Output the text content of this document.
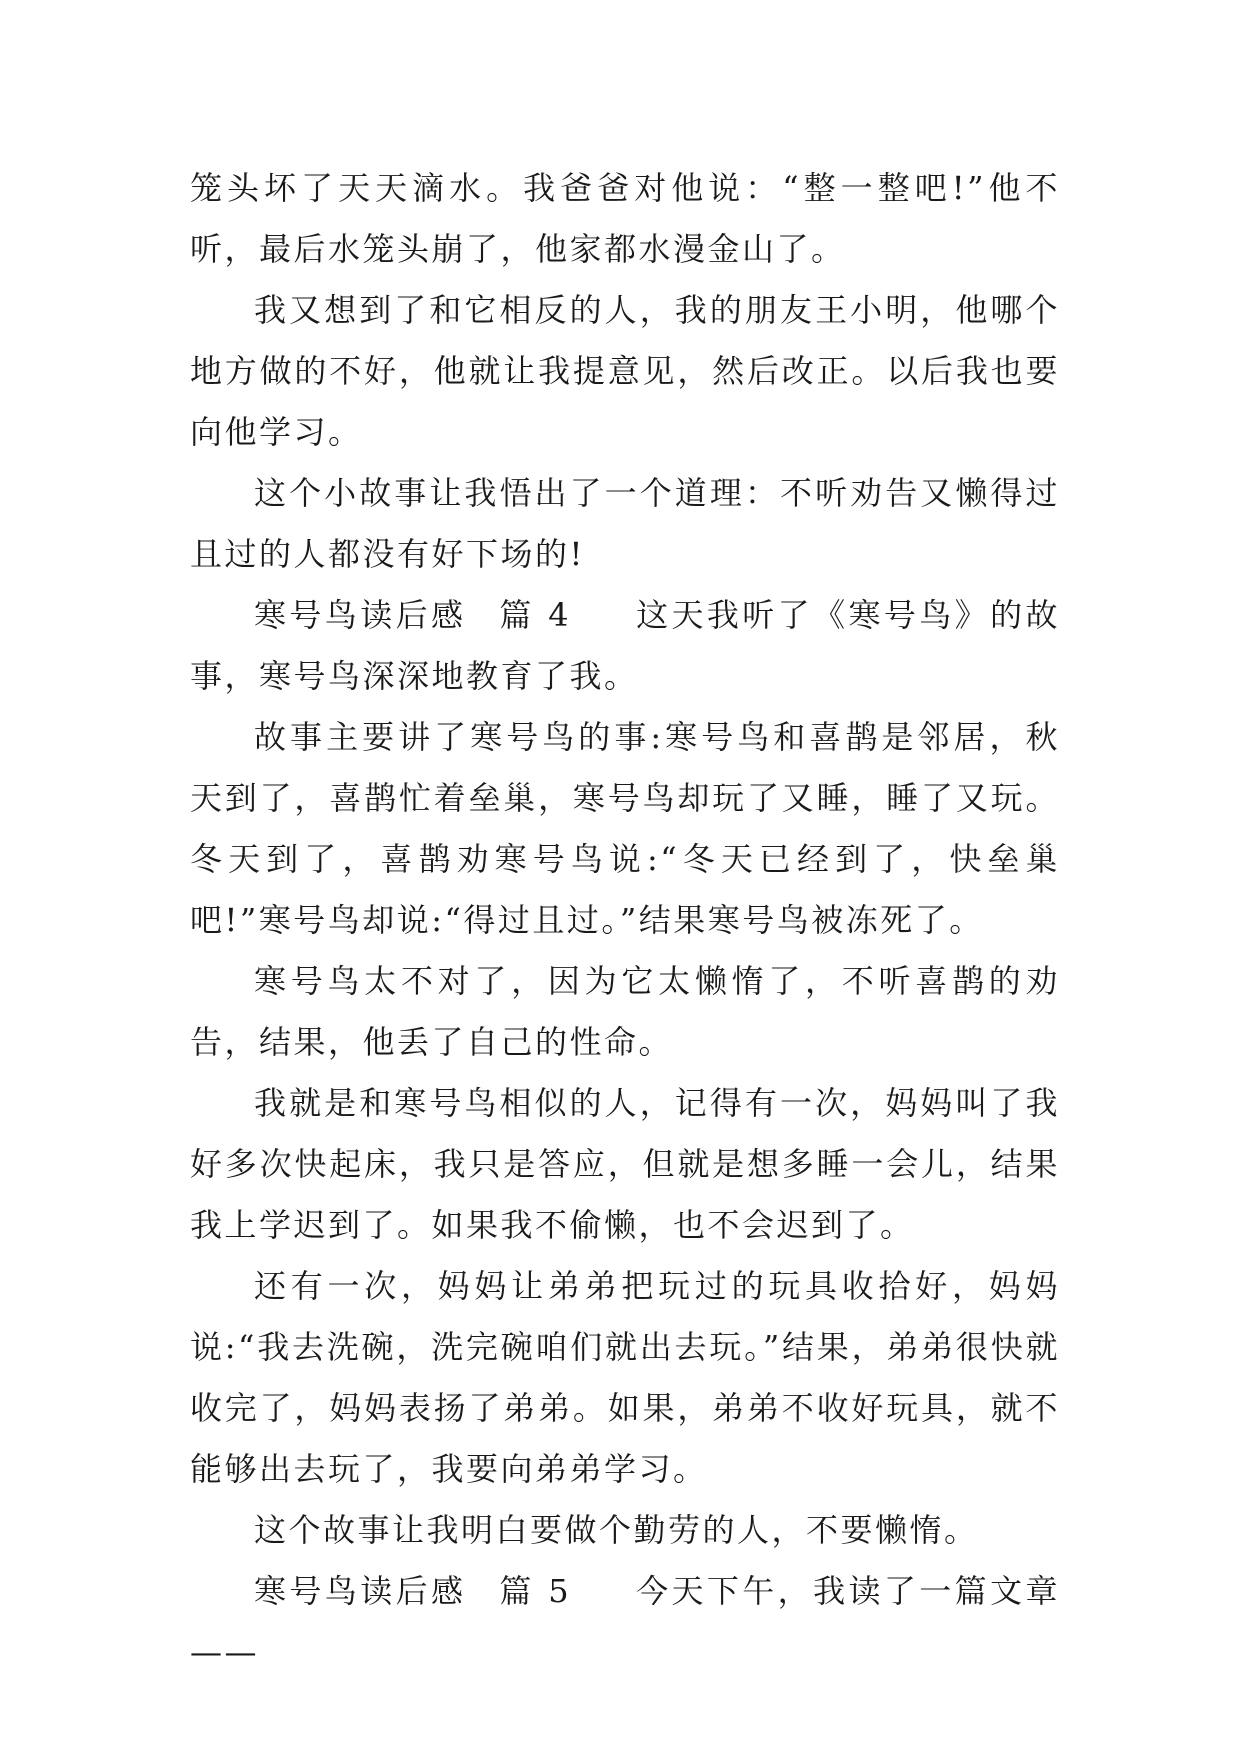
笼头坏了天天滴水。我爸爸对他说：“整一整吧!”他不听，最后水笼头崩了，他家都水漫金山了。

我又想到了和它相反的人，我的朋友王小明，他哪个地方做的不好，他就让我提意见，然后改正。以后我也要向他学习。

这个小故事让我悟出了一个道理：不听劝告又懒得过且过的人都没有好下场的!

寒号鸟读后感 篇 4 这天我听了《寒号鸟》的故事，寒号鸟深深地教育了我。

故事主要讲了寒号鸟的事:寒号鸟和喜鹊是邻居，秋天到了，喜鹊忙着垒巢，寒号鸟却玩了又睡，睡了又玩。冬天到了，喜鹊劝寒号鸟说:“冬天已经到了，快垒巢吧!”寒号鸟却说:“得过且过。”结果寒号鸟被冻死了。

寒号鸟太不对了，因为它太懒惰了，不听喜鹊的劝告，结果，他丢了自己的性命。

我就是和寒号鸟相似的人，记得有一次，妈妈叫了我好多次快起床，我只是答应，但就是想多睡一会儿，结果我上学迟到了。如果我不偷懒，也不会迟到了。

还有一次，妈妈让弟弟把玩过的玩具收拾好，妈妈说:“我去洗碗，洗完碗咱们就出去玩。”结果，弟弟很快就收完了，妈妈表扬了弟弟。如果，弟弟不收好玩具，就不能够出去玩了，我要向弟弟学习。

这个故事让我明白要做个勤劳的人，不要懒惰。

寒号鸟读后感 篇 5 今天下午，我读了一篇文章——
